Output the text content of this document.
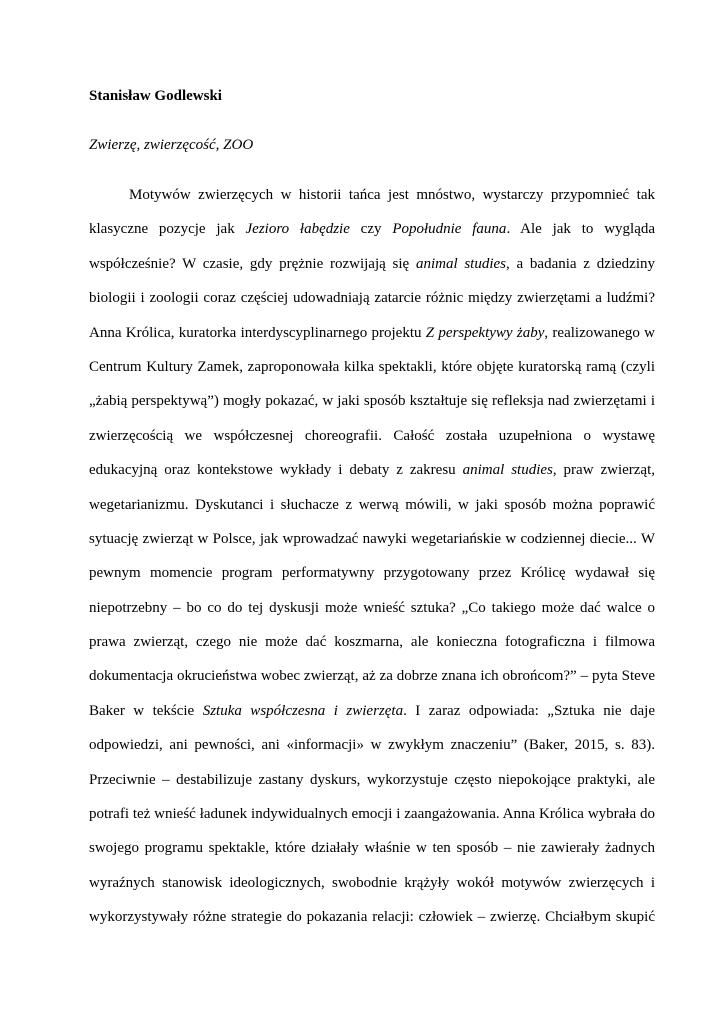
Stanisław Godlewski
Zwierzę, zwierzęcość, ZOO
Motywów zwierzęcych w historii tańca jest mnóstwo, wystarczy przypomnieć tak
klasyczne pozycje jak Jezioro łabędzie czy Popołudnie fauna. Ale jak to wygląda
współcześnie? W czasie, gdy prężnie rozwijają się animal studies, a badania z dziedziny
biologii i zoologii coraz częściej udowadniają zatarcie różnic między zwierzętami a ludźmi?
Anna Królica, kuratorka interdyscyplinarnego projektu Z perspektywy żaby, realizowanego w
Centrum Kultury Zamek, zaproponowała kilka spektakli, które objęte kuratorską ramą (czyli
„żabią perspektywą”) mogły pokazać, w jaki sposób kształtuje się refleksja nad zwierzętami i
zwierzęcością we współczesnej choreografii. Całość została uzupełniona o wystawę
edukacyjną oraz kontekstowe wykłady i debaty z zakresu animal studies, praw zwierząt,
wegetarianizmu. Dyskutanci i słuchacze z werwą mówili, w jaki sposób można poprawić
sytuację zwierząt w Polsce, jak wprowadzać nawyki wegetariańskie w codziennej diecie... W
pewnym momencie program performatywny przygotowany przez Królicę wydawał się
niepotrzebny – bo co do tej dyskusji może wnieść sztuka? „Co takiego może dać walce o
prawa zwierząt, czego nie może dać koszmarna, ale konieczna fotograficzna i filmowa
dokumentacja okrucieństwa wobec zwierząt, aż za dobrze znana ich obrońcom?” – pyta Steve
Baker w tekście Sztuka współczesna i zwierzęta. I zaraz odpowiada: „Sztuka nie daje
odpowiedzi, ani pewności, ani «informacji» w zwykłym znaczeniu” (Baker, 2015, s. 83).
Przeciwnie – destabilizuje zastany dyskurs, wykorzystuje często niepokojące praktyki, ale
potrafi też wnieść ładunek indywidualnych emocji i zaangażowania. Anna Królica wybrała do
swojego programu spektakle, które działały właśnie w ten sposób – nie zawierały żadnych
wyraźnych stanowisk ideologicznych, swobodnie krążyły wokół motywów zwierzęcych i
wykorzystywały różne strategie do pokazania relacji: człowiek – zwierzę. Chciałbym skupić
